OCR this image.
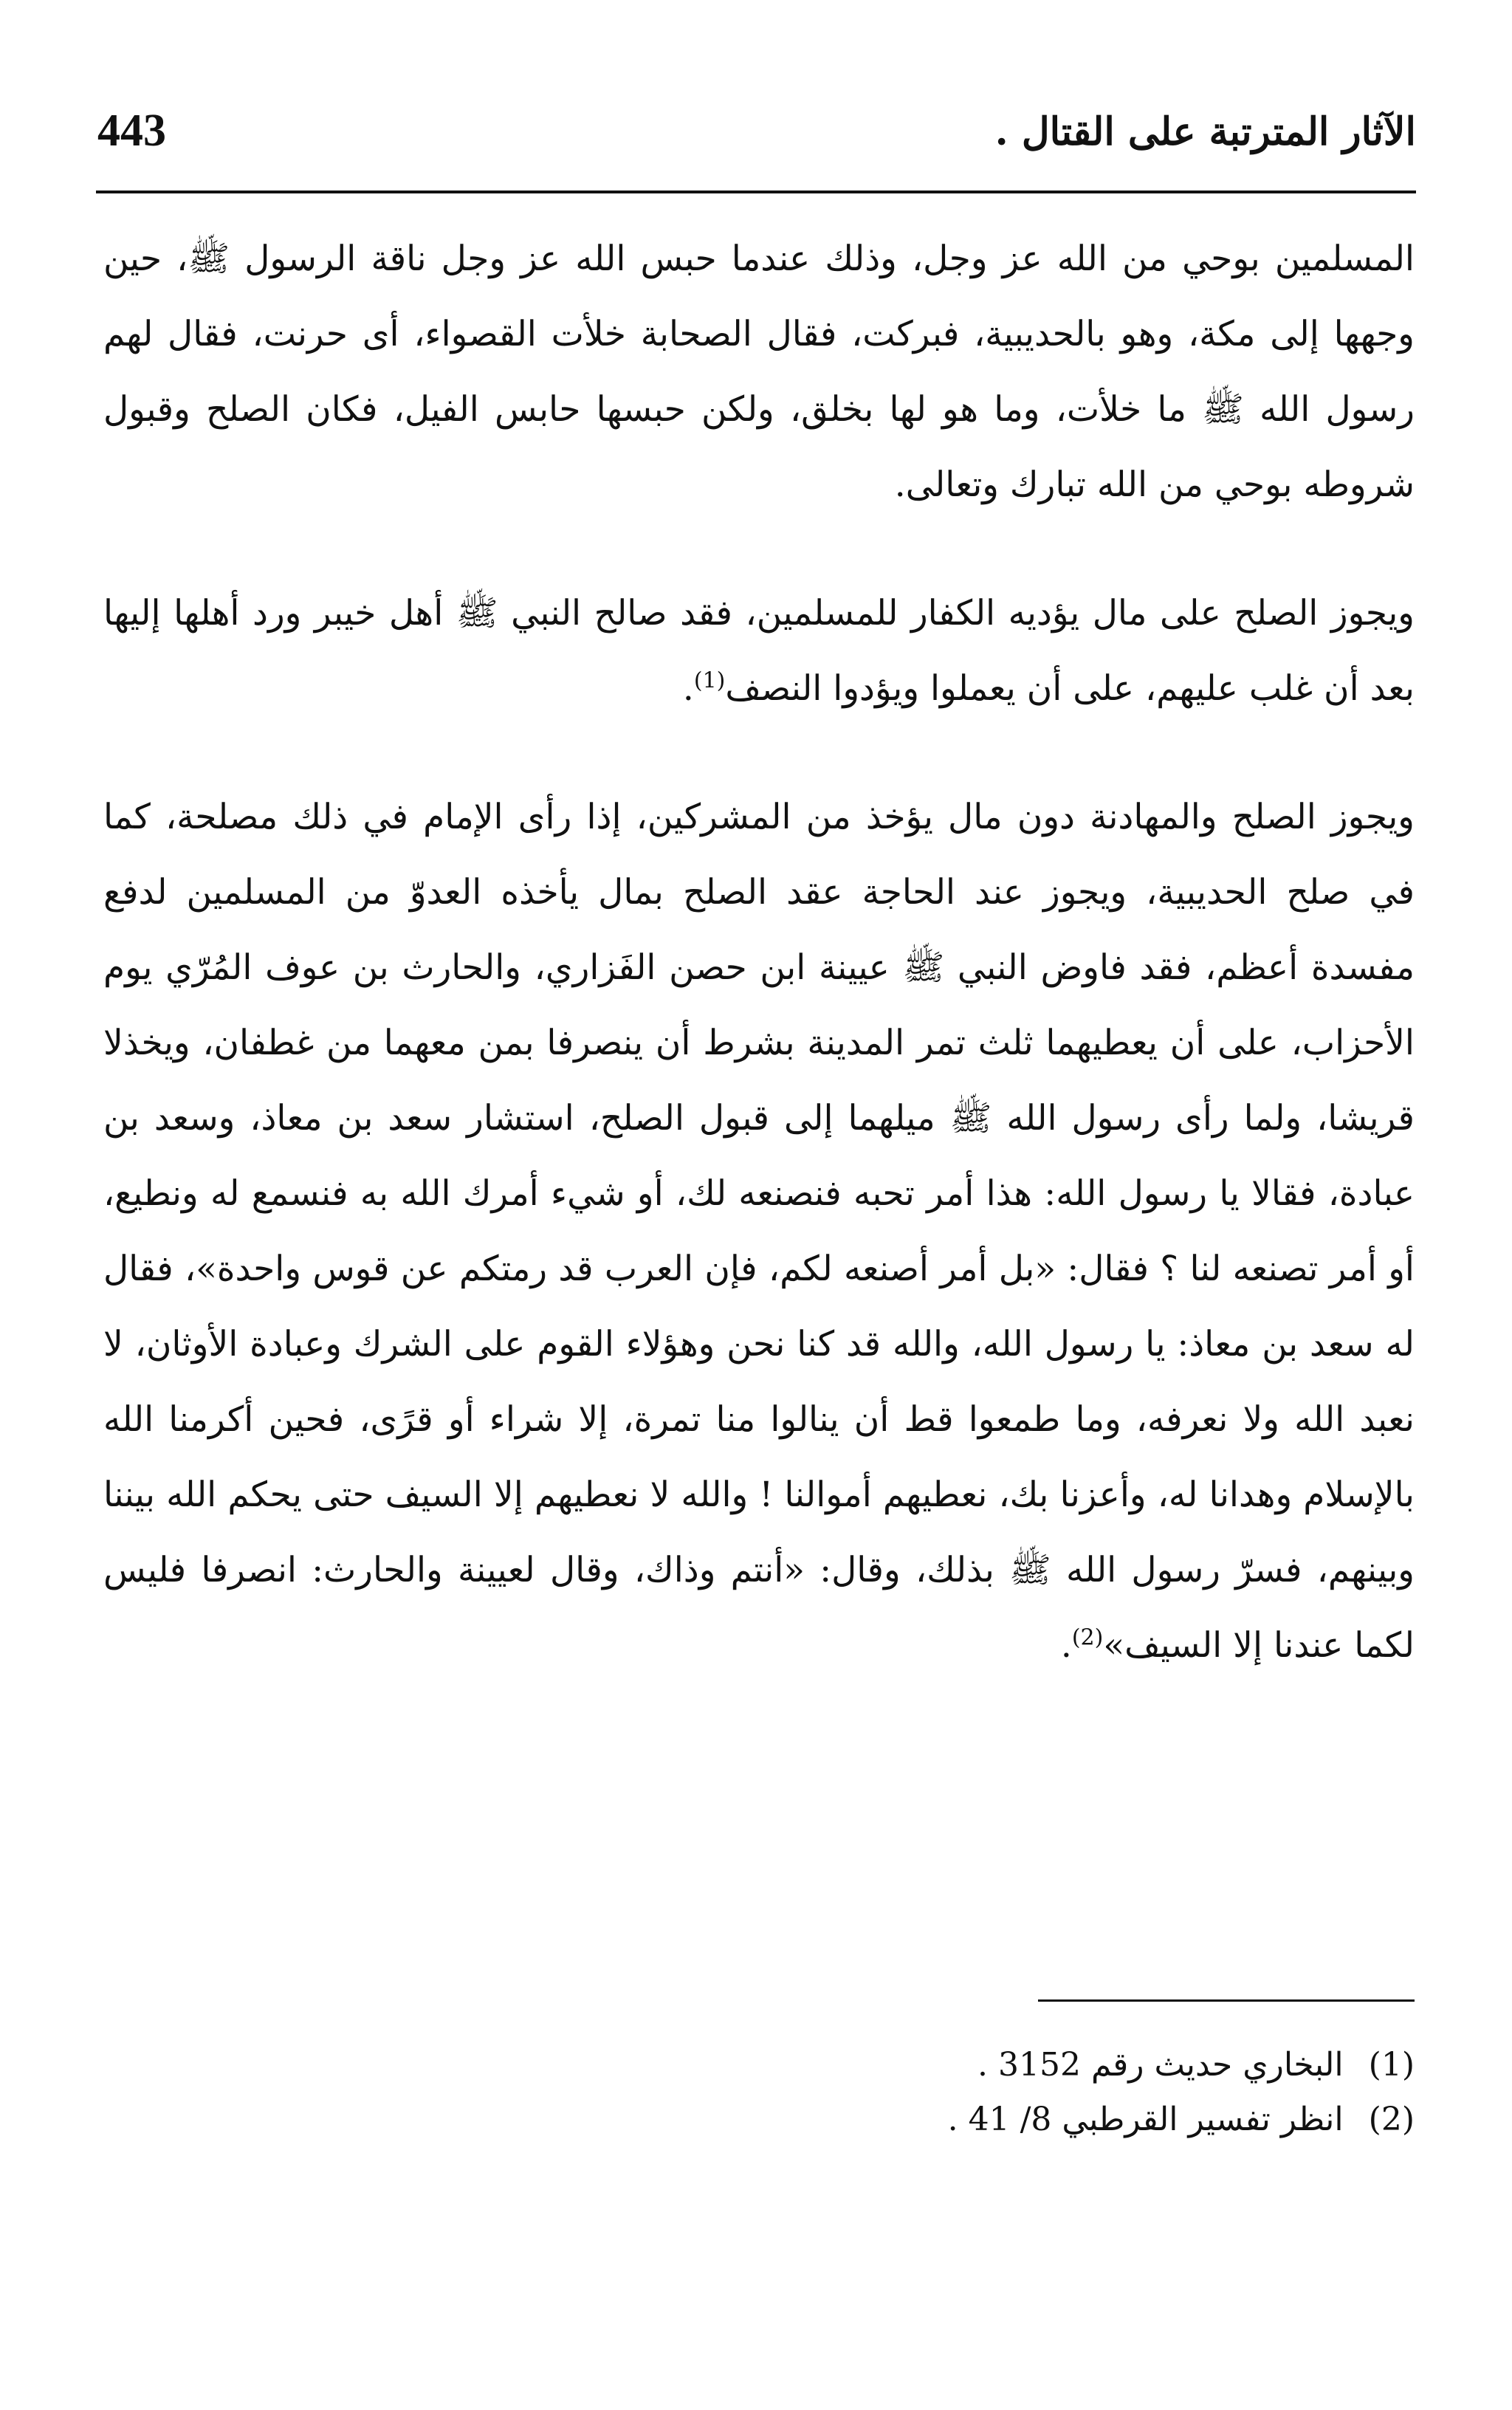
الآثار المترتبة على القتال .
443

المسلمين بوحي من الله عز وجل، وذلك عندما حبس الله عز وجل ناقة الرسول ﷺ، حين وجهها إلى مكة، وهو بالحديبية، فبركت، فقال الصحابة خلأت القصواء، أى حرنت، فقال لهم رسول الله ﷺ ما خلأت، وما هو لها بخلق، ولكن حبسها حابس الفيل، فكان الصلح وقبول شروطه بوحي من الله تبارك وتعالى.

ويجوز الصلح على مال يؤديه الكفار للمسلمين، فقد صالح النبي ﷺ أهل خيبر ورد أهلها إليها بعد أن غلب عليهم، على أن يعملوا ويؤدوا النصف$^{(1)}$.

ويجوز الصلح والمهادنة دون مال يؤخذ من المشركين، إذا رأى الإمام في ذلك مصلحة، كما في صلح الحديبية، ويجوز عند الحاجة عقد الصلح بمال يأخذه العدوّ من المسلمين لدفع مفسدة أعظم، فقد فاوض النبي ﷺ عيينة ابن حصن الفَزاري، والحارث بن عوف المُرّي يوم الأحزاب، على أن يعطيهما ثلث تمر المدينة بشرط أن ينصرفا بمن معهما من غطفان، ويخذلا قريشا، ولما رأى رسول الله ﷺ ميلهما إلى قبول الصلح، استشار سعد بن معاذ، وسعد بن عبادة، فقالا يا رسول الله: هذا أمر تحبه فنصنعه لك، أو شيء أمرك الله به فنسمع له ونطيع، أو أمر تصنعه لنا ؟ فقال: «بل أمر أصنعه لكم، فإن العرب قد رمتكم عن قوس واحدة»، فقال له سعد بن معاذ: يا رسول الله، والله قد كنا نحن وهؤلاء القوم على الشرك وعبادة الأوثان، لا نعبد الله ولا نعرفه، وما طمعوا قط أن ينالوا منا تمرة، إلا شراء أو قرًى، فحين أكرمنا الله بالإسلام وهدانا له، وأعزنا بك، نعطيهم أموالنا ! والله لا نعطيهم إلا السيف حتى يحكم الله بيننا وبينهم، فسرّ رسول الله ﷺ بذلك، وقال: «أنتم وذاك، وقال لعيينة والحارث: انصرفا فليس لكما عندنا إلا السيف»$^{(2)}$.

(1)
البخاري حديث رقم 3152 .
(2)
انظر تفسير القرطبي 8/ 41 .
